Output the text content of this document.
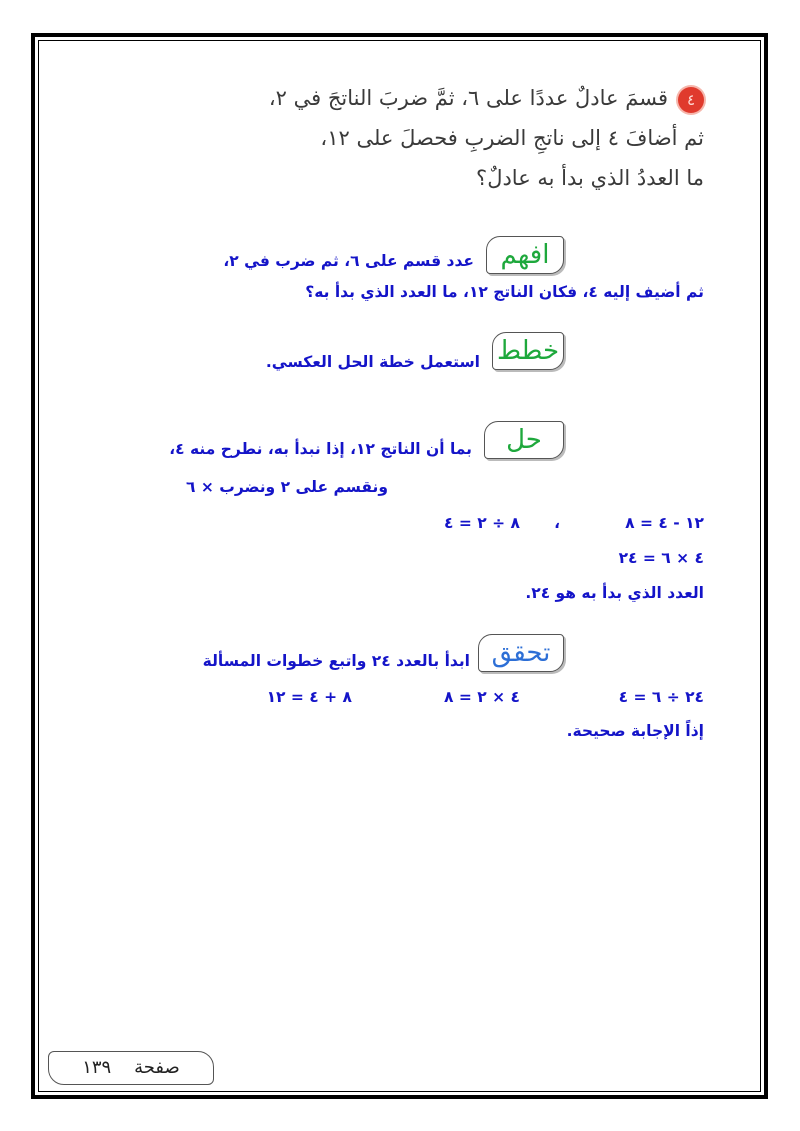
٤قسمَ عادلٌ عددًا على ٦، ثمَّ ضربَ الناتجَ في ٢،
ثم أضافَ ٤ إلى ناتجِ الضربِ فحصلَ على ١٢،
ما العددُ الذي بدأ به عادلٌ؟
افهم
عدد قسم على ٦، ثم ضرب في ٢،
ثم أضيف إليه ٤، فكان الناتج ١٢، ما العدد الذي بدأ به؟
خطط
استعمل خطة الحل العكسي.
حل
بما أن الناتج ١٢، إذا نبدأ به، نطرح منه ٤،
ونقسم على ٢ ونضرب × ٦
١٢ - ٤ = ٨
،
٨ ÷ ٢ = ٤
٤ × ٦ = ٢٤
العدد الذي بدأ به هو ٢٤.
تحقق
ابدأ بالعدد ٢٤ واتبع خطوات المسألة
٢٤ ÷ ٦ = ٤
٤ × ٢ = ٨
٨ + ٤ = ١٢
إذاً الإجابة صحيحة.
صفحة    ١٣٩
